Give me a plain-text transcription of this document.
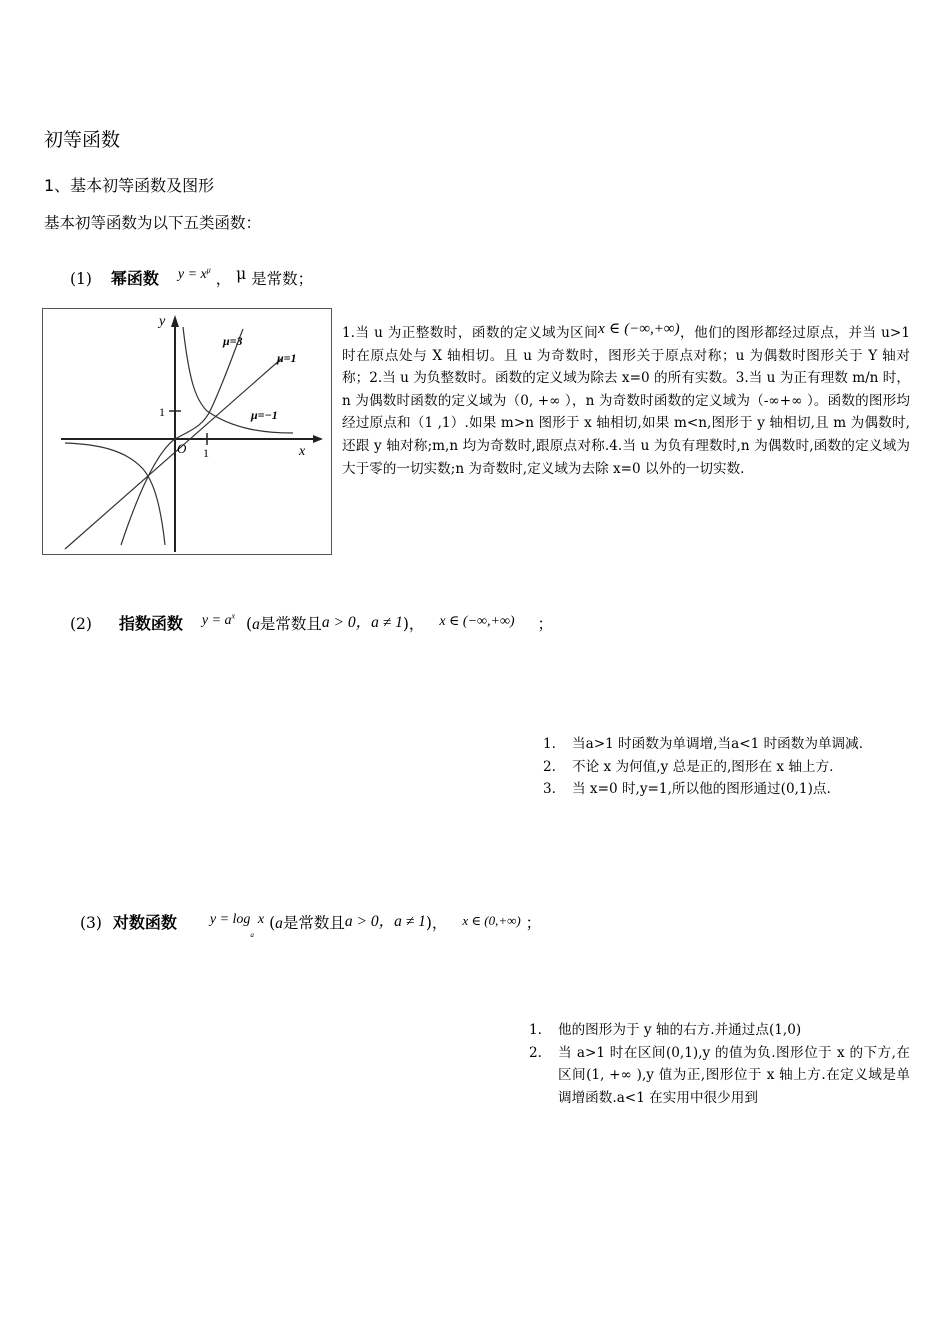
初等函数
1、基本初等函数及图形
基本初等函数为以下五类函数：
(1) 幂函数 $y = x^\mu$ ， μ 是常数；
y
x
O 1
1
μ=3
μ=1
μ=−1
1.当 u 为正整数时，函数的定义域为区间x ∈ (−∞,+∞)，他们的图形都经过原点，并当 u>1 时在原点处与 X 轴相切。且 u 为奇数时，图形关于原点对称；u 为偶数时图形关于 Y 轴对称；2.当 u 为负整数时。函数的定义域为除去 x=0 的所有实数。3.当 u 为正有理数 m/n 时，n 为偶数时函数的定义域为（0, +∞ ），n 为奇数时函数的定义域为（-∞+∞ ）。函数的图形均经过原点和（1 ,1）.如果 m>n 图形于 x 轴相切,如果 m<n,图形于 y 轴相切,且 m 为偶数时,还跟 y 轴对称;m,n 均为奇数时,跟原点对称.4.当 u 为负有理数时,n 为偶数时,函数的定义域为大于零的一切实数;n 为奇数时,定义域为去除 x=0 以外的一切实数.
(2) 指数函数 $y = a^x$ (a是常数且a > 0，a ≠ 1)， x ∈ (−∞,+∞) ；
1. 当a>1 时函数为单调增,当a<1 时函数为单调减.
2. 不论 x 为何值,y 总是正的,图形在 x 轴上方.
3. 当 x=0 时,y=1,所以他的图形通过(0,1)点.
(3) 对数函数 $y = \log_ax$ (a是常数且a > 0，a ≠ 1)， x ∈ (0,+∞) ；
1. 他的图形为于 y 轴的右方.并通过点(1,0)
2. 当 a>1 时在区间(0,1),y 的值为负.图形位于 x 的下方,在区间(1, +∞ ),y 值为正,图形位于 x 轴上方.在定义域是单调增函数.a<1 在实用中很少用到
